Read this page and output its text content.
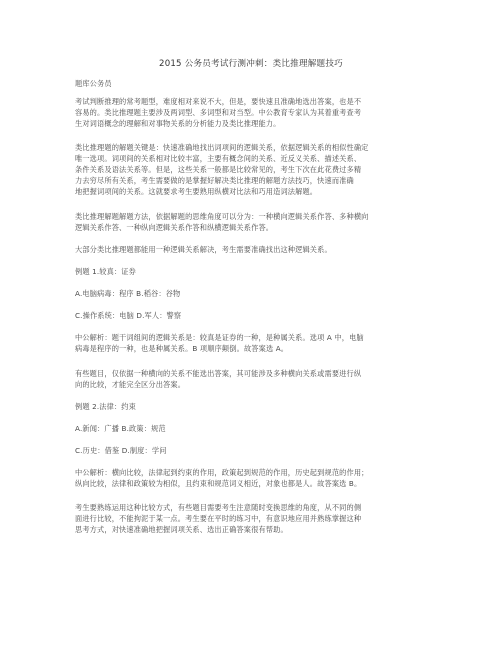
2015 公务员考试行测冲刺：类比推理解题技巧
题库公务员
考试判断推理的常考题型，难度相对来说不大，但是，要快速且准确地选出答案，也是不
容易的。类比推理题主要涉及两词型、多词型和对当型。中公教育专家认为其着重考查考
生对词语概念的理解和对事物关系的分析能力及类比推理能力。
类比推理题的解题关键是：快速准确地找出词项间的逻辑关系，依据逻辑关系的相似性确定
唯一选项。词项间的关系相对比较丰富，主要有概念间的关系、近反义关系、描述关系、
条件关系及语法关系等。但是，这些关系一般都是比较常见的，考生下次在此花费过多精
力去穷尽所有关系，考生需要做的是掌握好解决类比推理的解题方法技巧，快速而准确
地把握词项间的关系。这就要求考生要熟用纵横对比法和巧用造词法解题。
类比推理解题解题方法，依据解题的思维角度可以分为：一种横向逻辑关系作答、多种横向
逻辑关系作答、一种纵向逻辑关系作答和纵横逻辑关系作答。
大部分类比推理题都能用一种逻辑关系解决，考生需要准确找出这种逻辑关系。
例题 1.较真：证券
A.电脑病毒：程序 B.稻谷：谷物
C.操作系统：电脑 D.军人：警察
中公解析：题干词组间的逻辑关系是：较真是证券的一种，是种属关系。选项 A 中，电脑
病毒是程序的一种，也是种属关系。B 项顺序颠倒。故答案选 A。
有些题目，仅依据一种横向的关系不能选出答案，其可能涉及多种横向关系或需要进行纵
向的比较，才能完全区分出答案。
例题 2.法律：约束
A.新闻：广播 B.政策：规范
C.历史：借鉴 D.制度：学问
中公解析：横向比较，法律起到约束的作用，政策起到规范的作用，历史起到规范的作用；
纵向比较，法律和政策较为相似，且约束和规范词义相近，对象也都是人。故答案选 B。
考生要熟练运用这种比较方式，有些题目需要考生注意随时变换思维的角度，从不同的侧
面进行比较，不能拘泥于某一点。考生要在平时的练习中，有意识地应用并熟练掌握这种
思考方式，对快速准确地把握词项关系、选出正确答案很有帮助。
